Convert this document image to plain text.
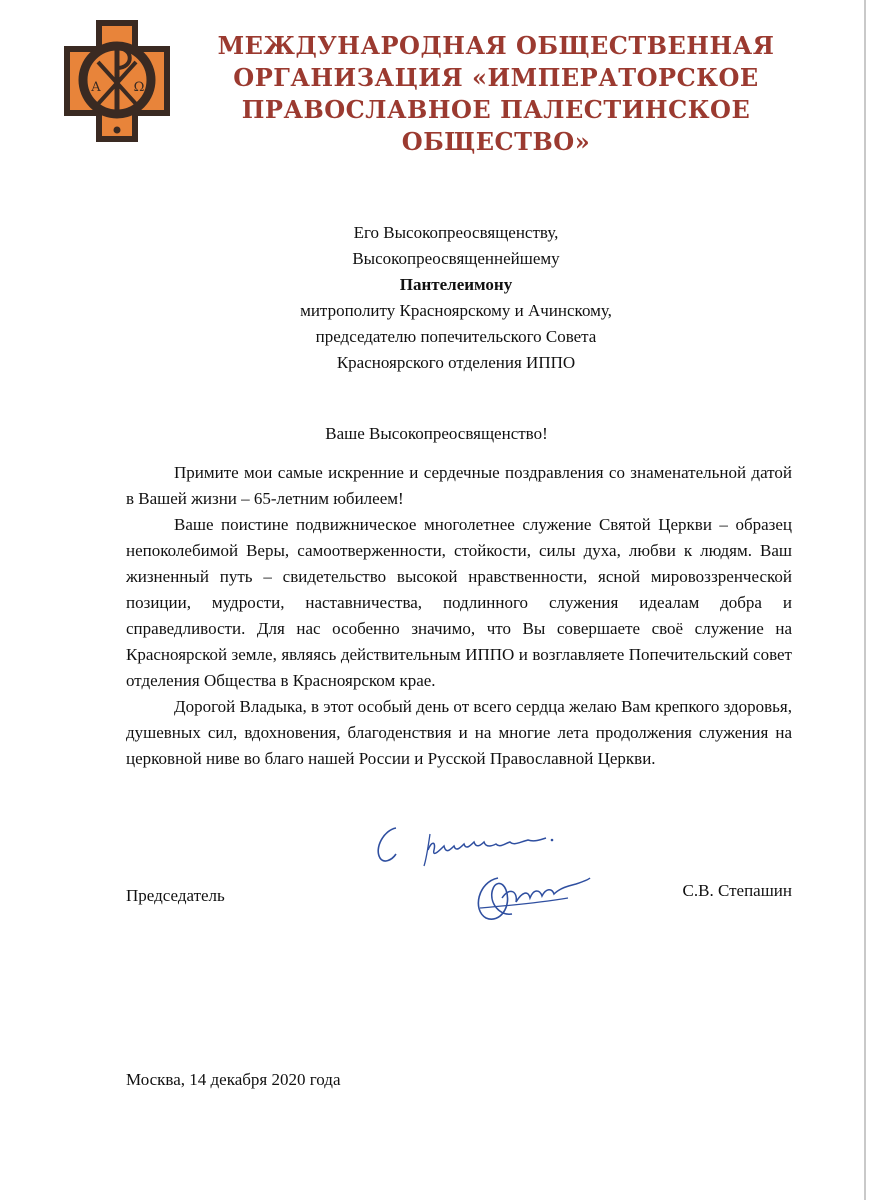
Α	Ω
МЕЖДУНАРОДНАЯ ОБЩЕСТВЕННАЯ
ОРГАНИЗАЦИЯ «ИМПЕРАТОРСКОЕ
ПРАВОСЛАВНОЕ ПАЛЕСТИНСКОЕ ОБЩЕСТВО»
Его Высокопреосвященству,
Высокопреосвященнейшему
Пантелеимону
митрополиту Красноярскому и Ачинскому,
председателю попечительского Совета
Красноярского отделения ИППО
Ваше Высокопреосвященство!

Примите мои самые искренние и сердечные поздравления со знаменательной датой в Вашей жизни – 65-летним юбилеем!

Ваше поистине подвижническое многолетнее служение Святой Церкви – образец непоколебимой Веры, самоотверженности, стойкости, силы духа, любви к людям. Ваш жизненный путь – свидетельство высокой нравственности, ясной мировоззренческой позиции, мудрости, наставничества, подлинного служения идеалам добра и справедливости. Для нас особенно значимо, что Вы совершаете своё служение на Красноярской земле, являясь действительным ИППО и возглавляете Попечительский совет отделения Общества в Красноярском крае.

Дорогой Владыка, в этот особый день от всего сердца желаю Вам крепкого здоровья, душевных сил, вдохновения, благоденствия и на многие лета продолжения служения на церковной ниве во благо нашей России и Русской Православной Церкви.

Председатель	С.В. Степашин
Москва, 14 декабря 2020 года
